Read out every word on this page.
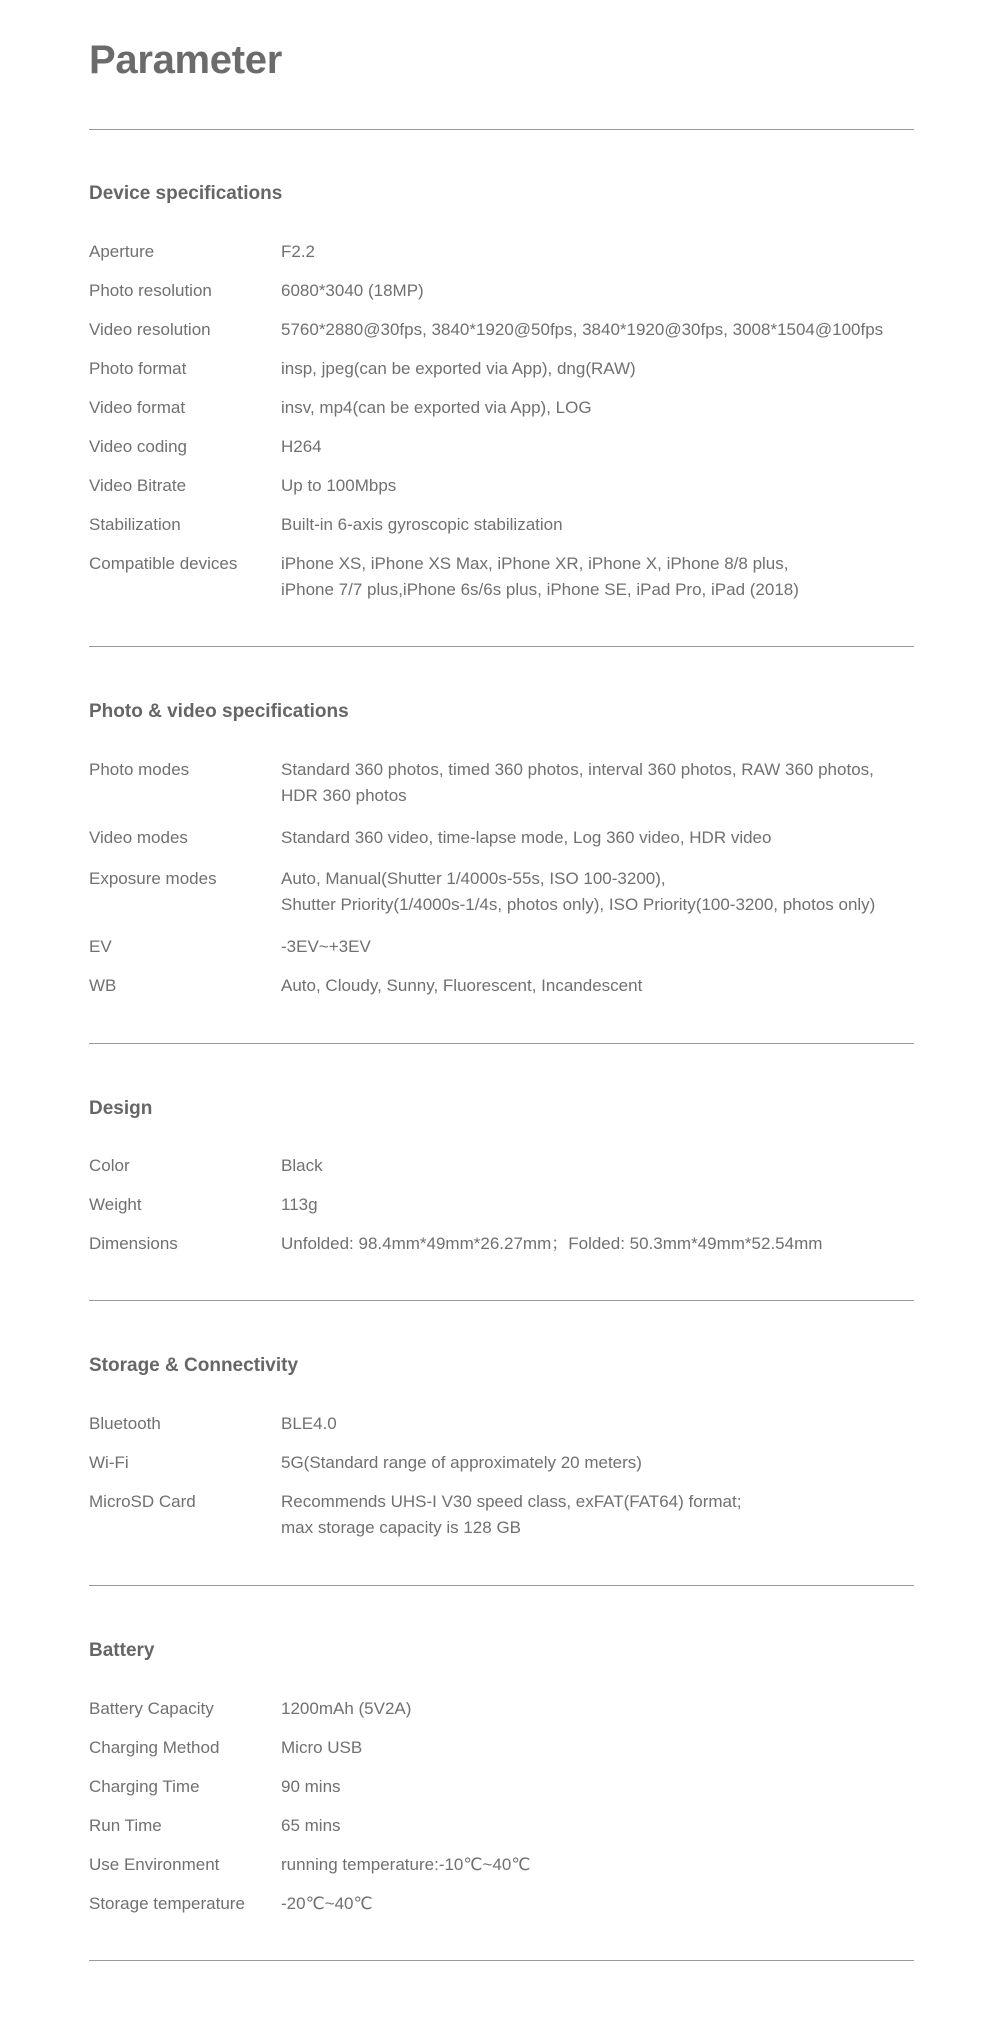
Parameter
Device specifications
Aperture	F2.2
Photo resolution	6080*3040 (18MP)
Video resolution	5760*2880@30fps, 3840*1920@50fps, 3840*1920@30fps, 3008*1504@100fps
Photo format	insp, jpeg(can be exported via App), dng(RAW)
Video format	insv, mp4(can be exported via App), LOG
Video coding	H264
Video Bitrate	Up to 100Mbps
Stabilization	Built-in 6-axis gyroscopic stabilization
Compatible devices	iPhone XS, iPhone XS Max, iPhone XR, iPhone X, iPhone 8/8 plus,
iPhone 7/7 plus,iPhone 6s/6s plus, iPhone SE, iPad Pro, iPad (2018)
Photo & video specifications
Photo modes	Standard 360 photos, timed 360 photos, interval 360 photos, RAW 360 photos,
HDR 360 photos
Video modes	Standard 360 video, time-lapse mode, Log 360 video, HDR video
Exposure modes	Auto, Manual(Shutter 1/4000s-55s, ISO 100-3200),
Shutter Priority(1/4000s-1/4s, photos only), ISO Priority(100-3200, photos only)
EV	-3EV~+3EV
WB	Auto, Cloudy, Sunny, Fluorescent, Incandescent
Design
Color	Black
Weight	113g
Dimensions	Unfolded: 98.4mm*49mm*26.27mm；Folded: 50.3mm*49mm*52.54mm
Storage & Connectivity
Bluetooth	BLE4.0
Wi-Fi	5G(Standard range of approximately 20 meters)
MicroSD Card	Recommends UHS-I V30 speed class, exFAT(FAT64) format;
max storage capacity is 128 GB
Battery
Battery Capacity	1200mAh (5V2A)
Charging Method	Micro USB
Charging Time	90 mins
Run Time	65 mins
Use Environment	running temperature:-10℃~40℃
Storage temperature -20℃~40℃
